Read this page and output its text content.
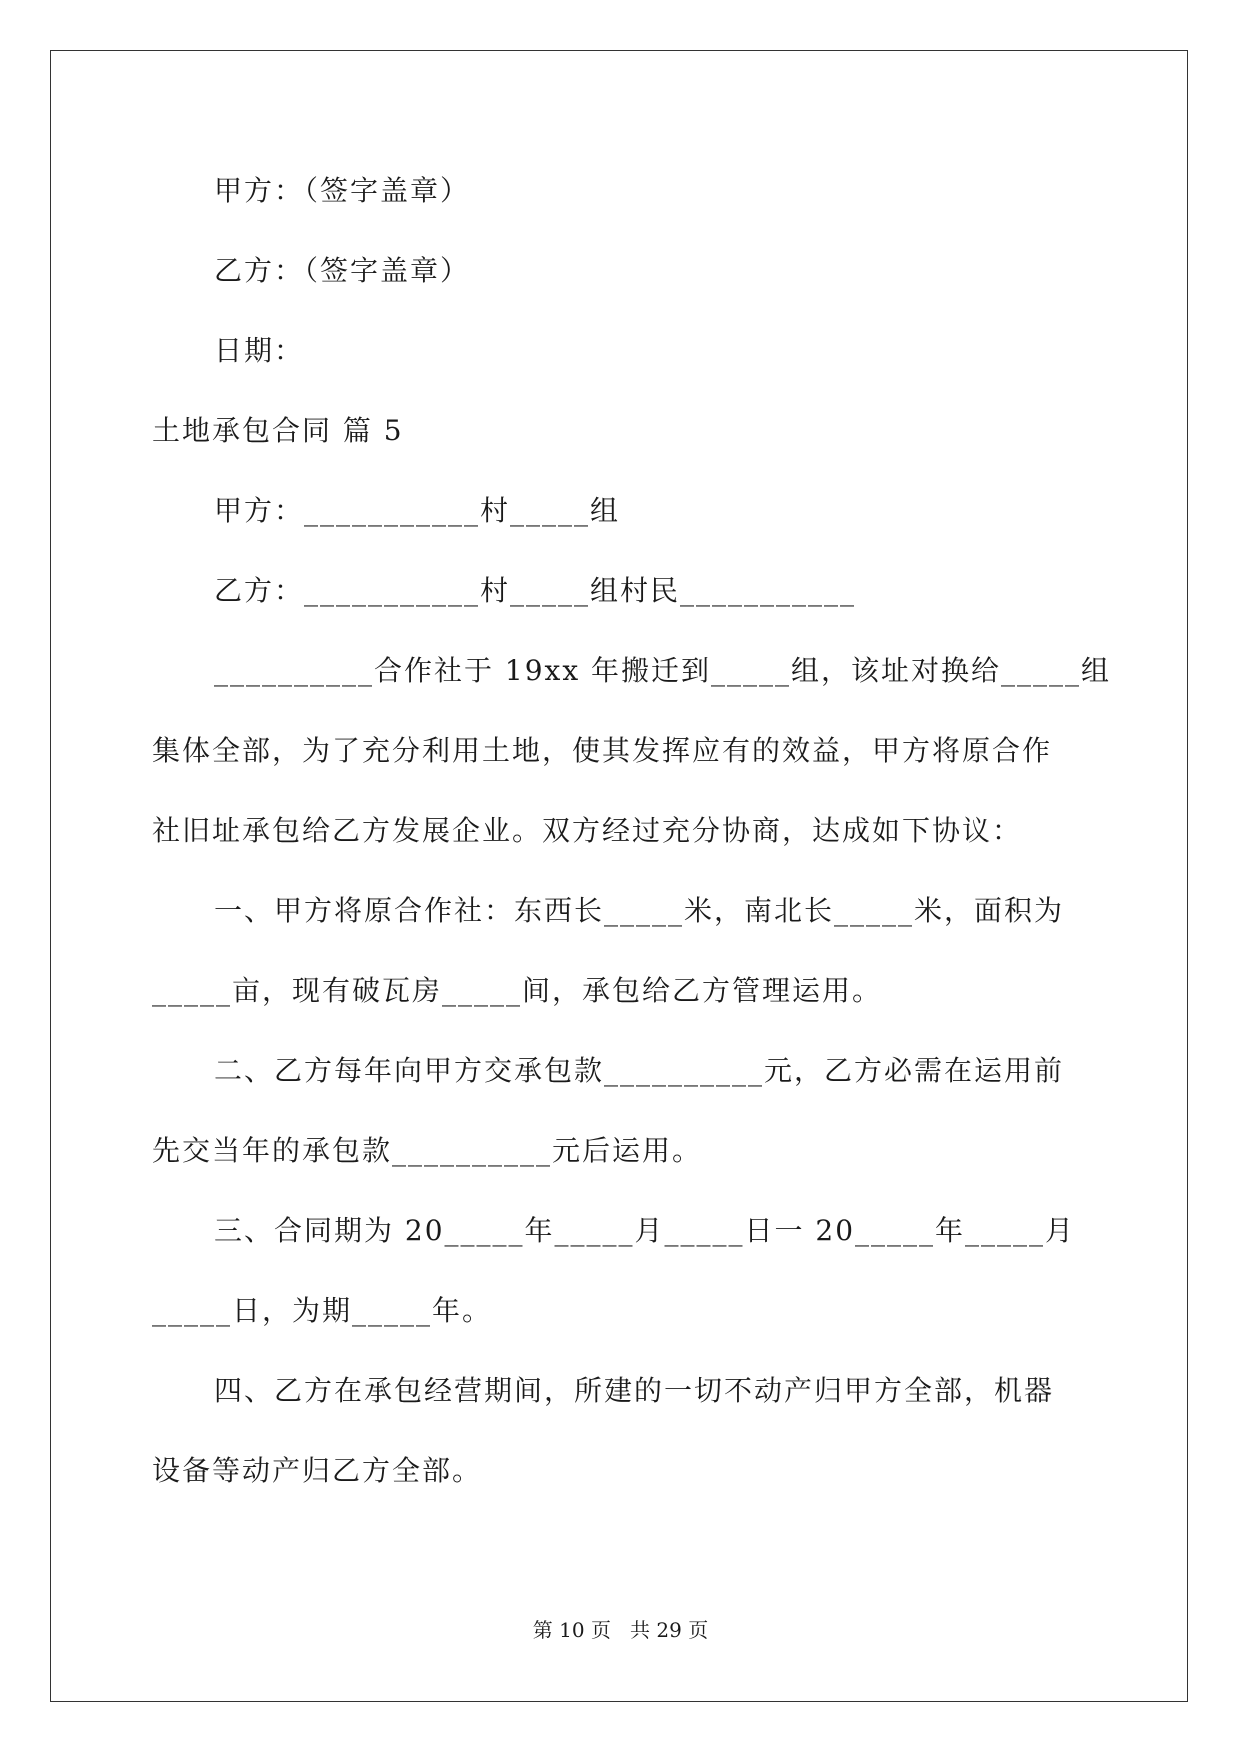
甲方：（签字盖章）
乙方：（签字盖章）
日期：
土地承包合同 篇 5
甲方：___________村_____组
乙方：___________村_____组村民___________
__________合作社于 19xx 年搬迁到_____组，该址对换给_____组
集体全部，为了充分利用土地，使其发挥应有的效益，甲方将原合作
社旧址承包给乙方发展企业。双方经过充分协商，达成如下协议：
一、甲方将原合作社：东西长_____米，南北长_____米，面积为
_____亩，现有破瓦房_____间，承包给乙方管理运用。
二、乙方每年向甲方交承包款__________元，乙方必需在运用前
先交当年的承包款__________元后运用。
三、合同期为 20_____年_____月_____日一 20_____年_____月
_____日，为期_____年。
四、乙方在承包经营期间，所建的一切不动产归甲方全部，机器
设备等动产归乙方全部。
第 10 页   共 29 页
